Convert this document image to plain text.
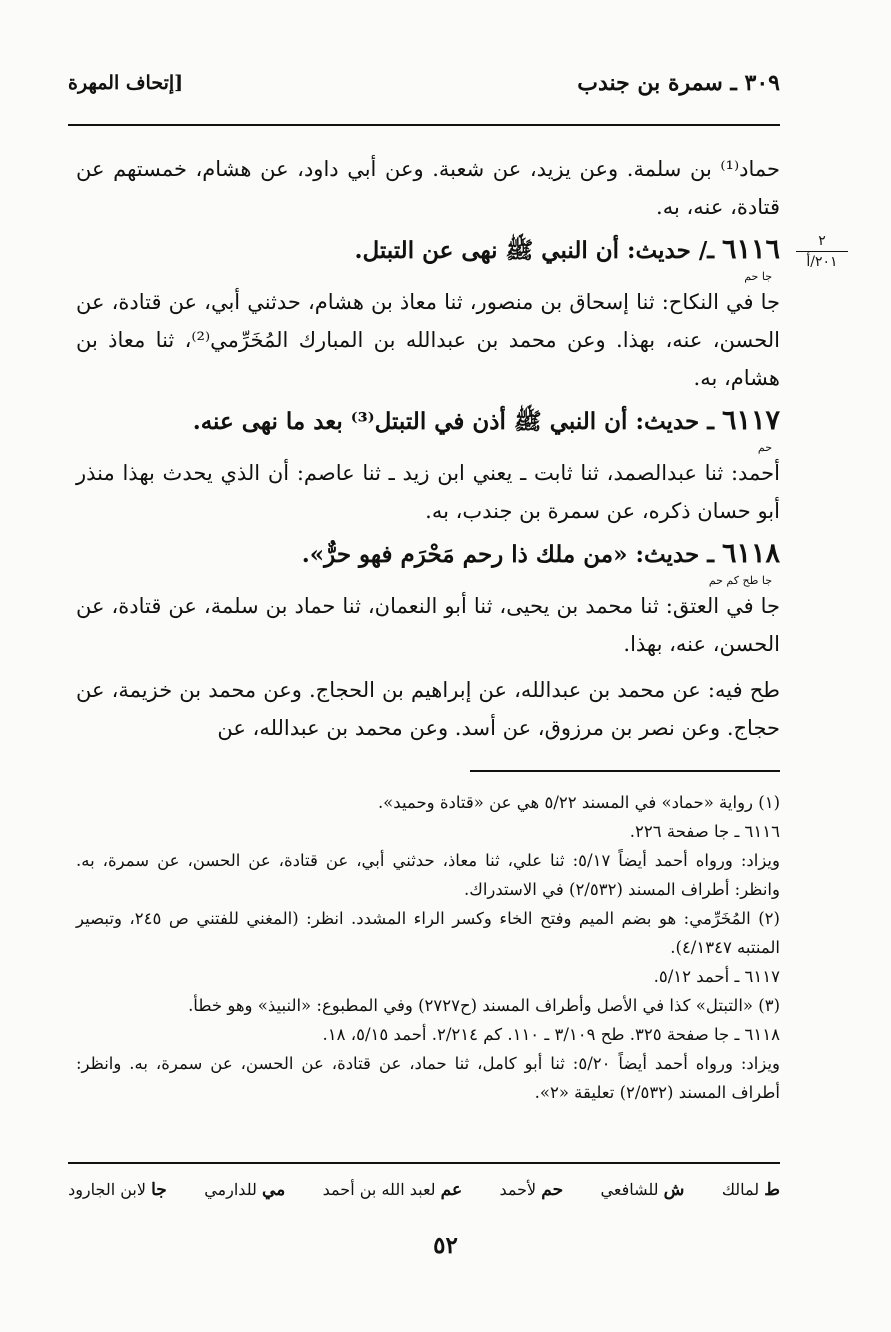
٣٠٩ ـ سمرة بن جندب
[إتحاف المهرة
٢
٢٠١/أ

حماد⁽¹⁾ بن سلمة. وعن يزيد، عن شعبة. وعن أبي داود، عن هشام، خمستهم عن قتادة، عنه، به.

٦١١٦ ـ/ حديث: أن النبي ﷺ نهى عن التبتل.

جا حم

جا في النكاح: ثنا إسحاق بن منصور، ثنا معاذ بن هشام، حدثني أبي، عن قتادة، عن الحسن، عنه، بهذا. وعن محمد بن عبدالله بن المبارك المُخَرِّمي⁽²⁾، ثنا معاذ بن هشام، به.

٦١١٧ ـ حديث: أن النبي ﷺ أذن في التبتل⁽³⁾ بعد ما نهى عنه.

حم

أحمد: ثنا عبدالصمد، ثنا ثابت ـ يعني ابن زيد ـ ثنا عاصم: أن الذي يحدث بهذا منذر أبو حسان ذكره، عن سمرة بن جندب، به.

٦١١٨ ـ حديث: «من ملك ذا رحم مَحْرَم فهو حرٌّ».

جا طح كم حم

جا في العتق: ثنا محمد بن يحيى، ثنا أبو النعمان، ثنا حماد بن سلمة، عن قتادة، عن الحسن، عنه، بهذا.

طح فيه: عن محمد بن عبدالله، عن إبراهيم بن الحجاج. وعن محمد بن خزيمة، عن حجاج. وعن نصر بن مرزوق، عن أسد. وعن محمد بن عبدالله، عن

(١) رواية «حماد» في المسند ٥/٢٢ هي عن «قتادة وحميد».

٦١١٦ ـ جا صفحة ٢٢٦.

ويزاد: ورواه أحمد أيضاً ٥/١٧: ثنا علي، ثنا معاذ، حدثني أبي، عن قتادة، عن الحسن، عن سمرة، به. وانظر: أطراف المسند (٢/٥٣٢) في الاستدراك.

(٢) المُخَرِّمي: هو بضم الميم وفتح الخاء وكسر الراء المشدد. انظر: (المغني للفتني ص ٢٤٥، وتبصير المنتبه ٤/١٣٤٧).

٦١١٧ ـ أحمد ٥/١٢.

(٣) «التبتل» كذا في الأصل وأطراف المسند (ح٢٧٢٧) وفي المطبوع: «النبيذ» وهو خطأ.

٦١١٨ ـ جا صفحة ٣٢٥. طح ٣/١٠٩ ـ ١١٠. كم ٢/٢١٤. أحمد ٥/١٥، ١٨.

ويزاد: ورواه أحمد أيضاً ٥/٢٠: ثنا أبو كامل، ثنا حماد، عن قتادة، عن الحسن، عن سمرة، به. وانظر: أطراف المسند (٢/٥٣٢) تعليقة «٢».

ط لمالك
ش للشافعي
حم لأحمد
عم لعبد الله بن أحمد
مي للدارمي
جا لابن الجارود
٥٢
